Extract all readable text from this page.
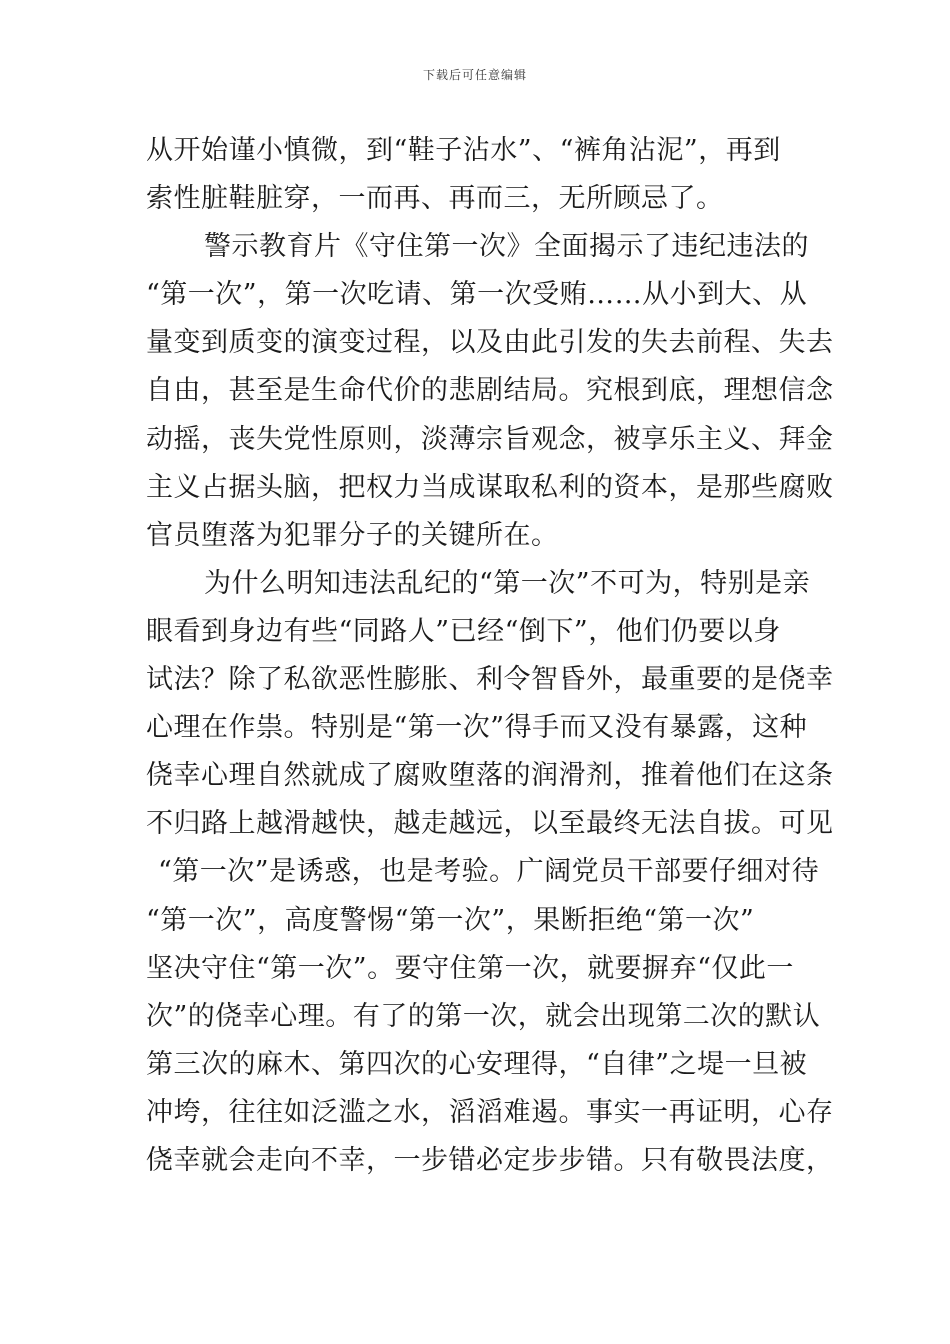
下载后可任意编辑
从开始谨小慎微，到“鞋子沾水”、“裤角沾泥”，再到
索性脏鞋脏穿，一而再、再而三，无所顾忌了。
警示教育片《守住第一次》全面揭示了违纪违法的
“第一次”，第一次吃请、第一次受贿……从小到大、从
量变到质变的演变过程，以及由此引发的失去前程、失去
自由，甚至是生命代价的悲剧结局。究根到底，理想信念
动摇，丧失党性原则，淡薄宗旨观念，被享乐主义、拜金
主义占据头脑，把权力当成谋取私利的资本，是那些腐败
官员堕落为犯罪分子的关键所在。
为什么明知违法乱纪的“第一次”不可为，特别是亲
眼看到身边有些“同路人”已经“倒下”，他们仍要以身
试法？除了私欲恶性膨胀、利令智昏外，最重要的是侥幸
心理在作祟。特别是“第一次”得手而又没有暴露，这种
侥幸心理自然就成了腐败堕落的润滑剂，推着他们在这条
不归路上越滑越快，越走越远，以至最终无法自拔。可见
“第一次”是诱惑，也是考验。广阔党员干部要仔细对待
“第一次”，高度警惕“第一次”，果断拒绝“第一次”
坚决守住“第一次”。要守住第一次，就要摒弃“仅此一
次”的侥幸心理。有了的第一次，就会出现第二次的默认
第三次的麻木、第四次的心安理得，“自律”之堤一旦被
冲垮，往往如泛滥之水，滔滔难遏。事实一再证明，心存
侥幸就会走向不幸，一步错必定步步错。只有敬畏法度，
